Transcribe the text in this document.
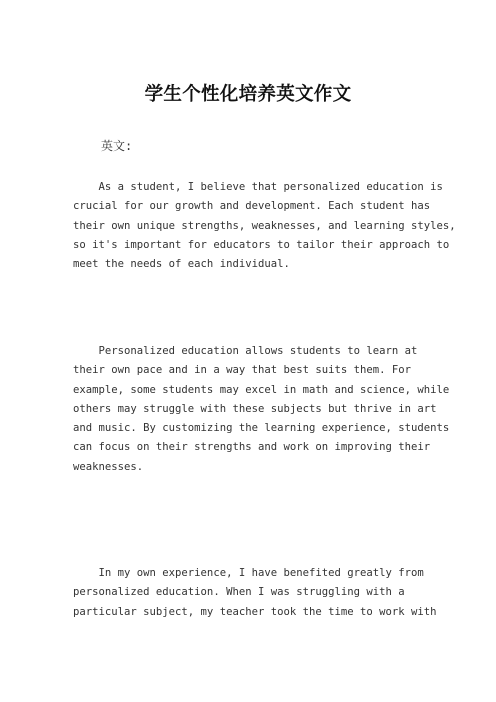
学生个性化培养英文作文

英文:

As a student, I believe that personalized education is
crucial for our growth and development. Each student has
their own unique strengths, weaknesses, and learning styles,
so it's important for educators to tailor their approach to
meet the needs of each individual.

Personalized education allows students to learn at
their own pace and in a way that best suits them. For
example, some students may excel in math and science, while
others may struggle with these subjects but thrive in art
and music. By customizing the learning experience, students
can focus on their strengths and work on improving their
weaknesses.

In my own experience, I have benefited greatly from
personalized education. When I was struggling with a
particular subject, my teacher took the time to work with
